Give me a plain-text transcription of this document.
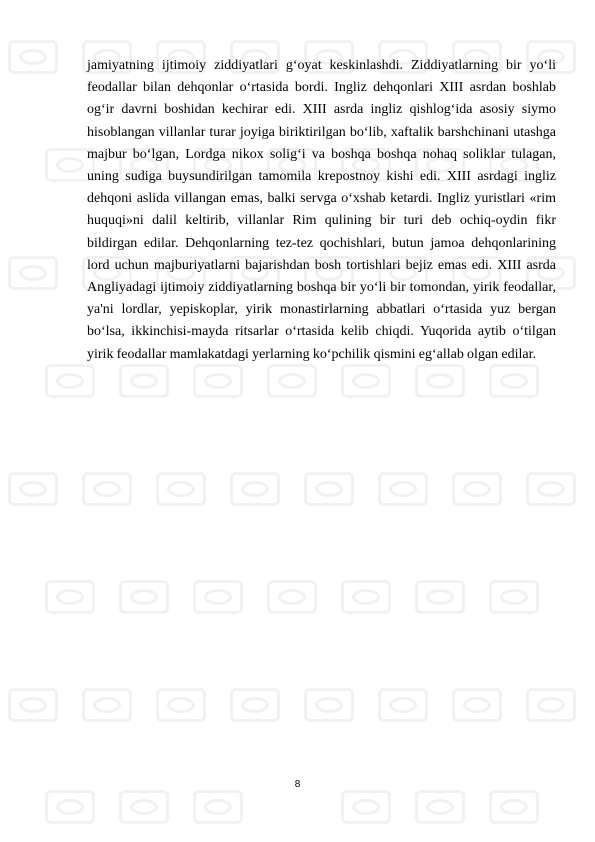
jamiyatning ijtimoiy ziddiyatlari gʻoyat keskinlashdi. Ziddiyatlarning bir yoʻli feodallar bilan dehqonlar oʻrtasida bordi. Ingliz dehqonlari XIII asrdan boshlab ogʻir davrni boshidan kechirar edi. XIII asrda ingliz qishlogʻida asosiy siymo hisoblangan villanlar turar joyiga biriktirilgan boʻlib, xaftalik barshchinani utashga majbur boʻlgan, Lordga nikox soligʻi va boshqa boshqa nohaq soliklar tulagan, uning sudiga buysundirilgan tamomila krepostnoy kishi edi. XIII asrdagi ingliz dehqoni aslida villangan emas, balki servga oʻxshab ketardi. Ingliz yuristlari «rim huquqi»ni dalil keltirib, villanlar Rim qulining bir turi deb ochiq-oydin fikr bildirgan edilar. Dehqonlarning tez-tez qochishlari, butun jamoa dehqonlarining lord uchun majburiyatlarni bajarishdan bosh tortishlari bejiz emas edi. XIII asrda Angliyadagi ijtimoiy ziddiyatlarning boshqa bir yoʻli bir tomondan, yirik feodallar, ya'ni lordlar, yepiskoplar, yirik monastirlarning abbatlari oʻrtasida yuz bergan boʻlsa, ikkinchisi-mayda ritsarlar oʻrtasida kelib chiqdi. Yuqorida aytib oʻtilgan yirik feodallar mamlakatdagi yerlarning koʻpchilik qismini egʻallab olgan edilar.

8
